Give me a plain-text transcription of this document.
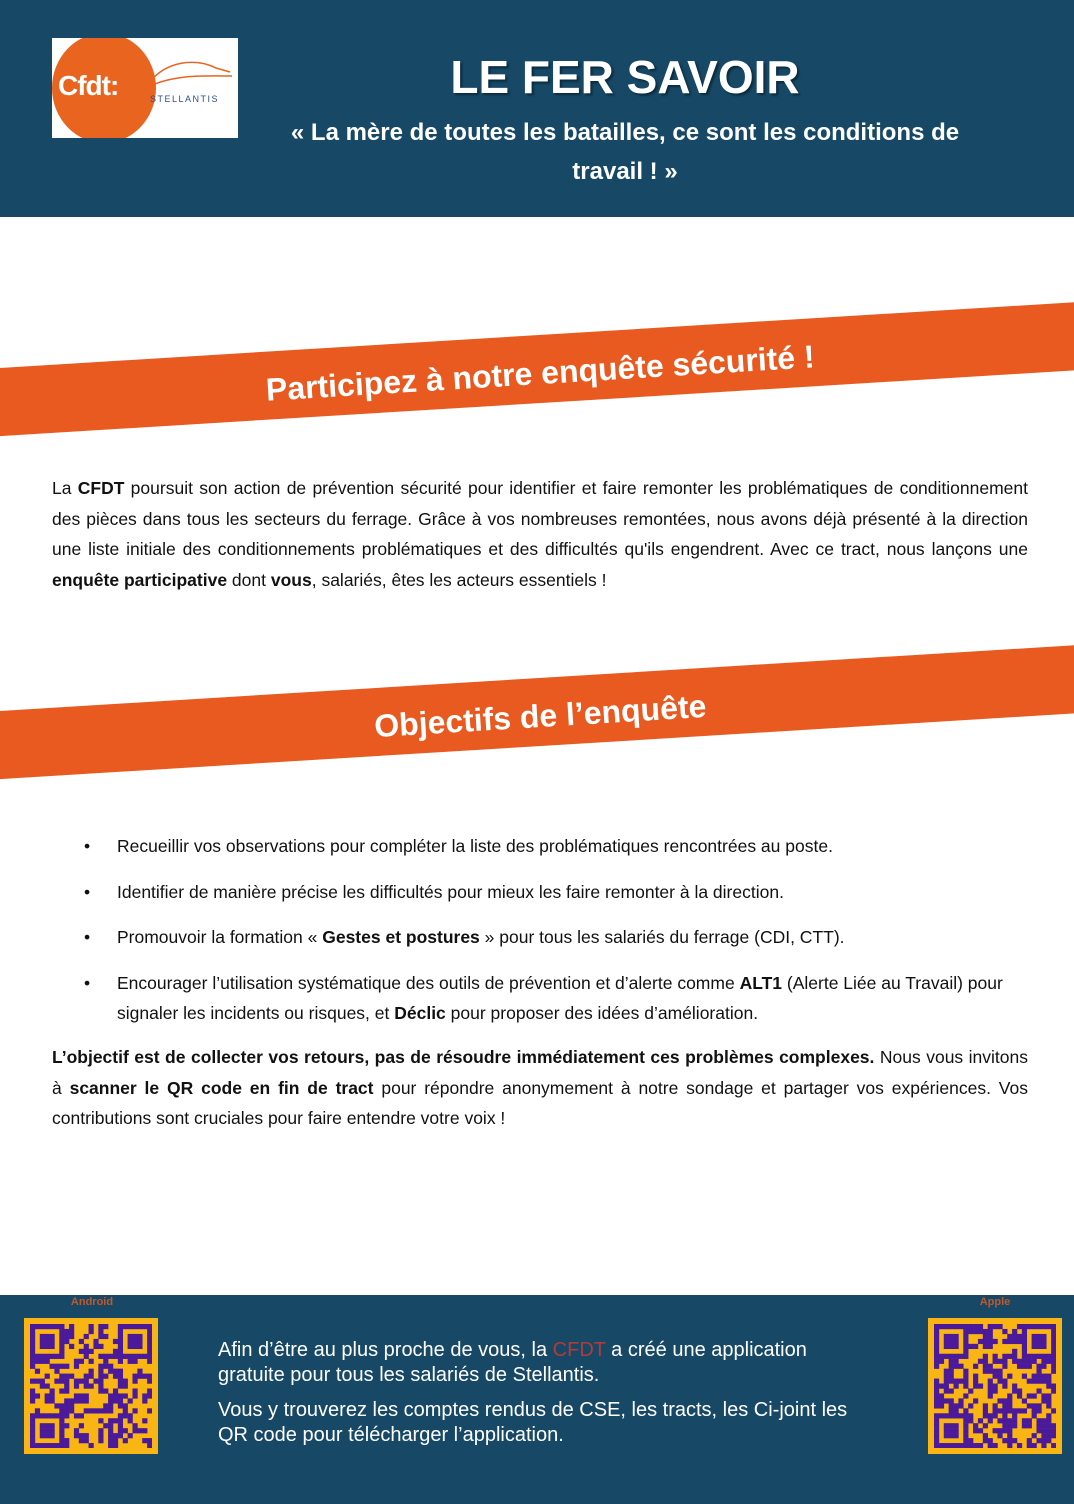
Cfdt:	STELLANTIS	LE FER SAVOIR
« La mère de toutes les batailles, ce sont les conditions de travail ! »
Participez à notre enquête sécurité !

La CFDT poursuit son action de prévention sécurité pour identifier et faire remonter les problématiques de conditionnement des pièces dans tous les secteurs du ferrage. Grâce à vos nombreuses remontées, nous avons déjà présenté à la direction une liste initiale des conditionnements problématiques et des difficultés qu'ils engendrent. Avec ce tract, nous lançons une enquête participative dont vous, salariés, êtes les acteurs essentiels !

Objectifs de l’enquête
• Recueillir vos observations pour compléter la liste des problématiques rencontrées au poste.
• Identifier de manière précise les difficultés pour mieux les faire remonter à la direction.
• Promouvoir la formation « Gestes et postures » pour tous les salariés du ferrage (CDI, CTT).
• Encourager l’utilisation systématique des outils de prévention et d’alerte comme ALT1 (Alerte Liée au Travail) pour signaler les incidents ou risques, et Déclic pour proposer des idées d’amélioration.

L’objectif est de collecter vos retours, pas de résoudre immédiatement ces problèmes complexes. Nous vous invitons à scanner le QR code en fin de tract pour répondre anonymement à notre sondage et partager vos expériences. Vos contributions sont cruciales pour faire entendre votre voix !

Android	Apple

Afin d’être au plus proche de vous, la CFDT a créé une application gratuite pour tous les salariés de Stellantis.

Vous y trouverez les comptes rendus de CSE, les tracts, les Ci-joint les QR code pour télécharger l’application.
